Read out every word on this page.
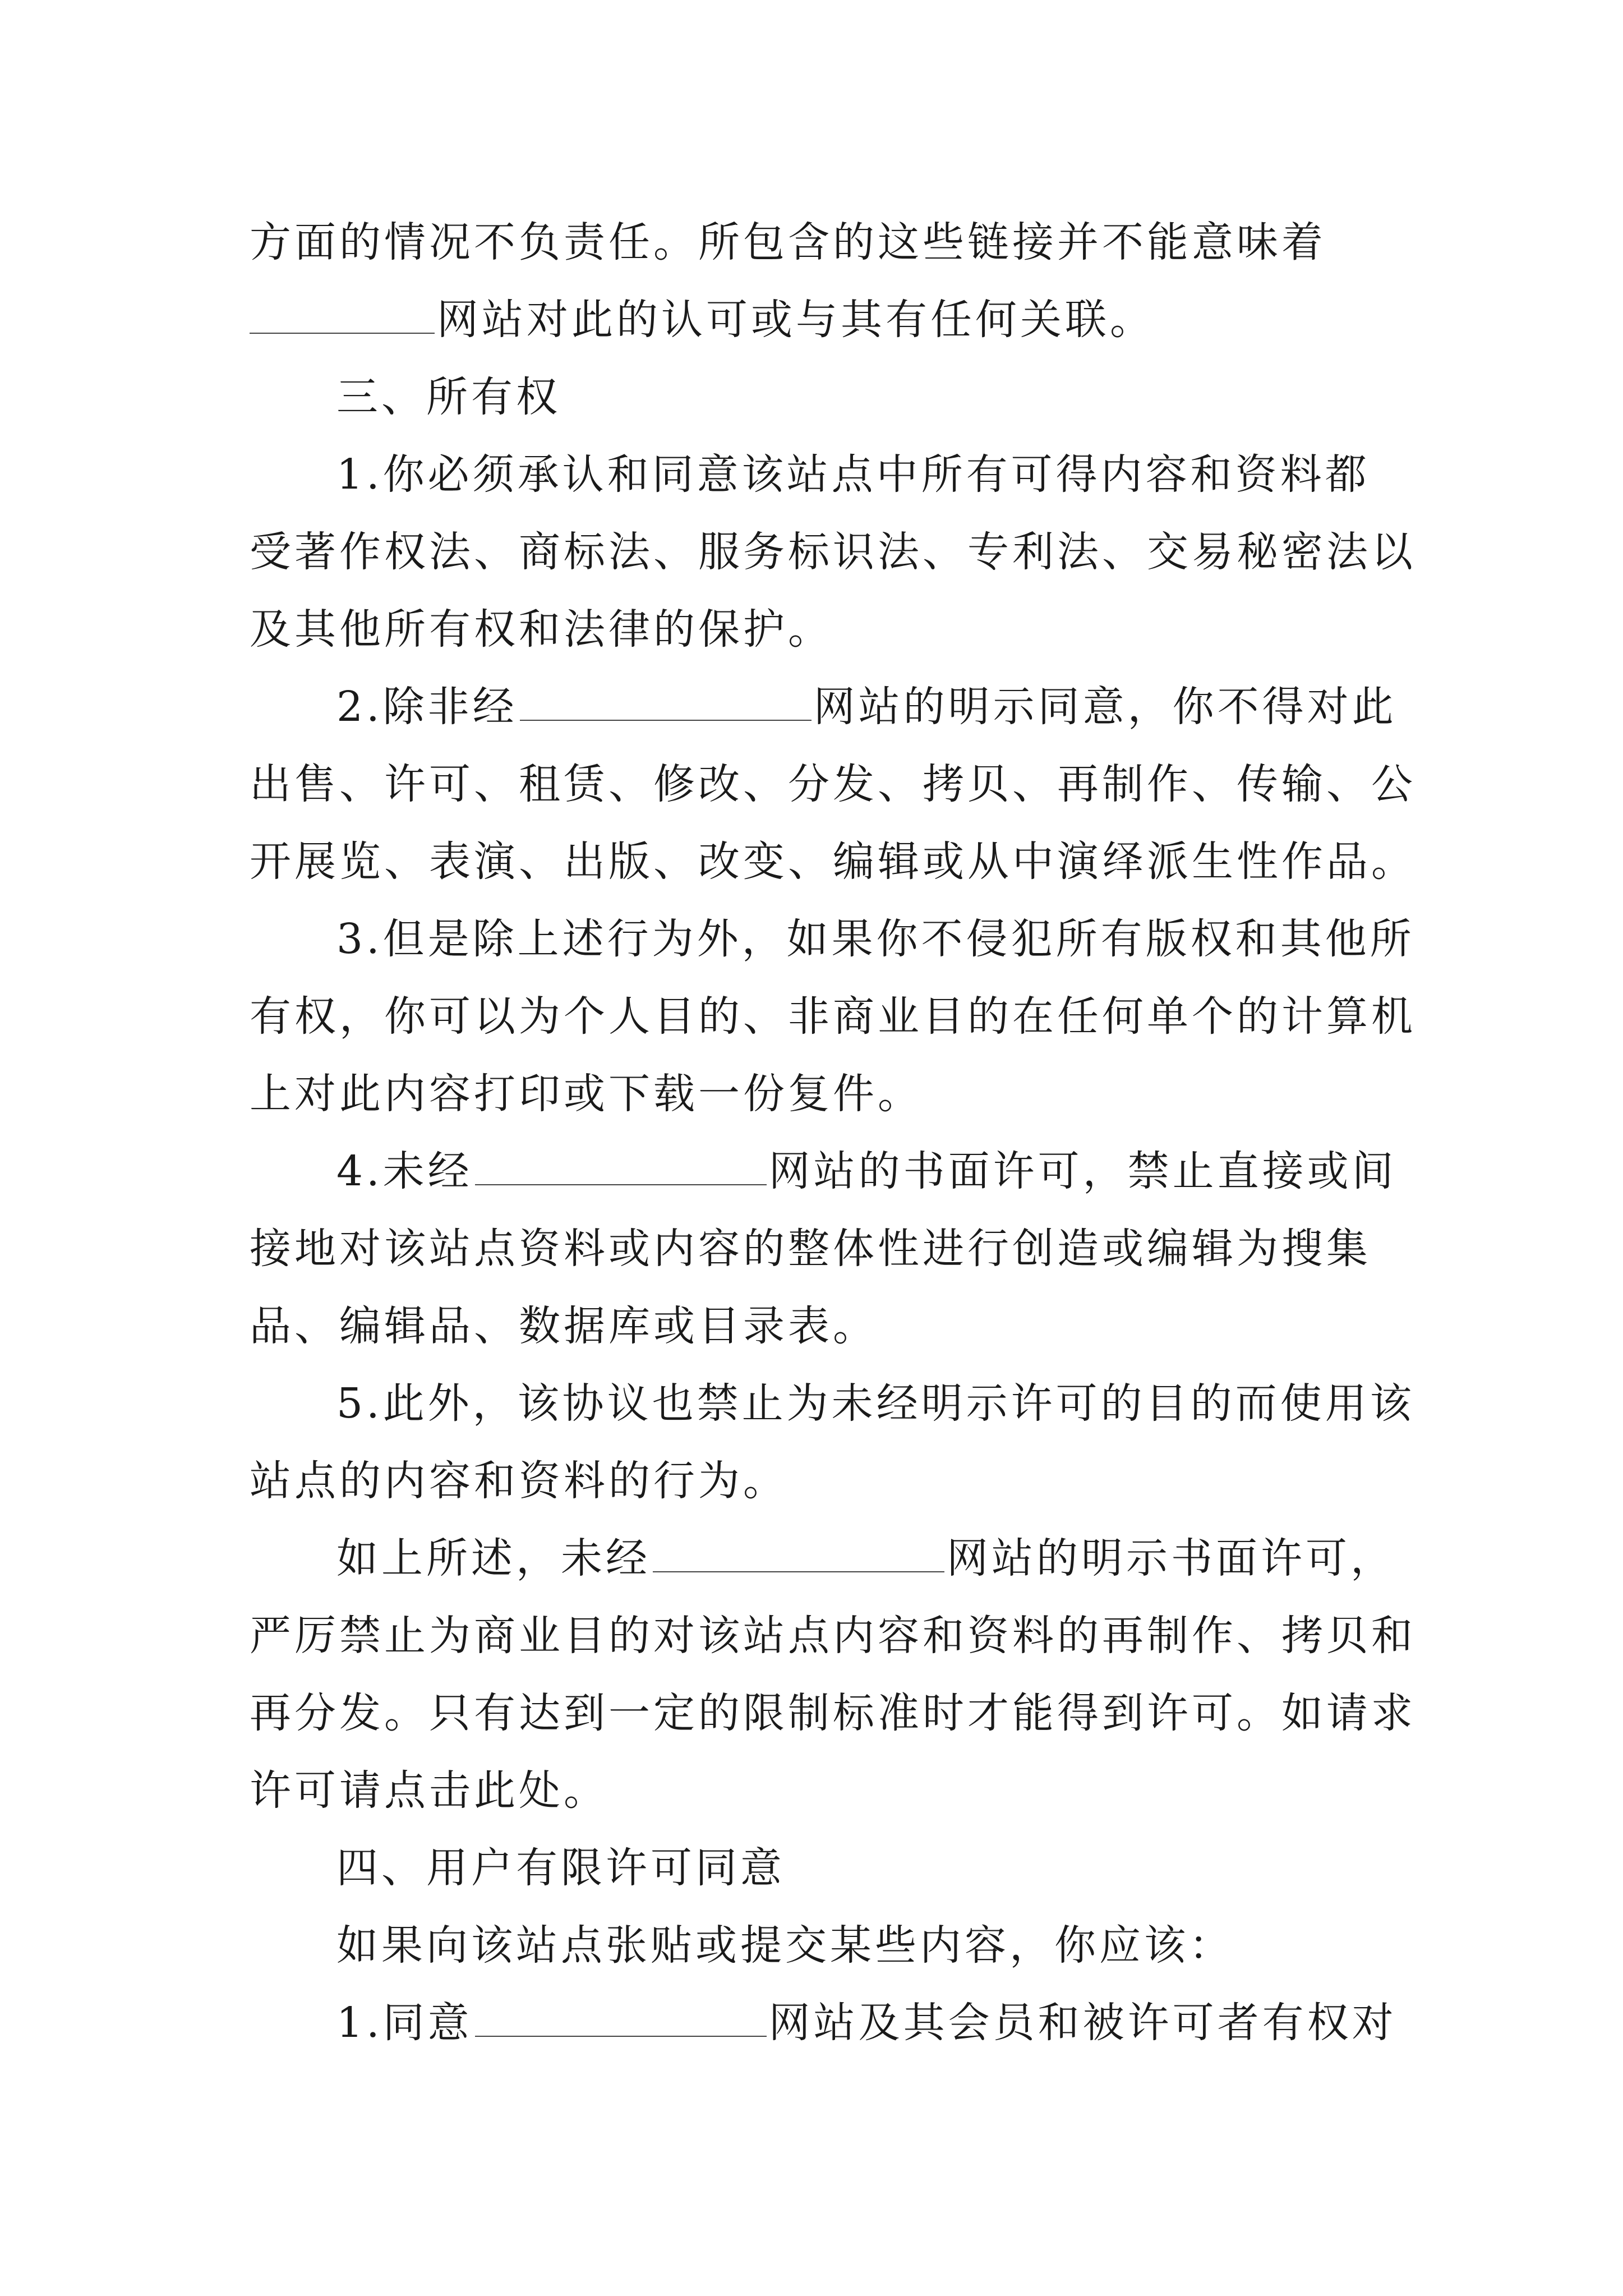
方面的情况不负责任。所包含的这些链接并不能意味着
网站对此的认可或与其有任何关联。
三、所有权
1.你必须承认和同意该站点中所有可得内容和资料都
受著作权法、商标法、服务标识法、专利法、交易秘密法以
及其他所有权和法律的保护。
2.除非经	网站的明示同意，你不得对此
出售、许可、租赁、修改、分发、拷贝、再制作、传输、公
开展览、表演、出版、改变、编辑或从中演绎派生性作品。
3.但是除上述行为外，如果你不侵犯所有版权和其他所
有权，你可以为个人目的、非商业目的在任何单个的计算机
上对此内容打印或下载一份复件。
4.未经	网站的书面许可，禁止直接或间
接地对该站点资料或内容的整体性进行创造或编辑为搜集
品、编辑品、数据库或目录表。
5.此外，该协议也禁止为未经明示许可的目的而使用该
站点的内容和资料的行为。
如上所述，未经	网站的明示书面许可，
严厉禁止为商业目的对该站点内容和资料的再制作、拷贝和
再分发。只有达到一定的限制标准时才能得到许可。如请求
许可请点击此处。
四、用户有限许可同意
如果向该站点张贴或提交某些内容，你应该：
1.同意	网站及其会员和被许可者有权对
